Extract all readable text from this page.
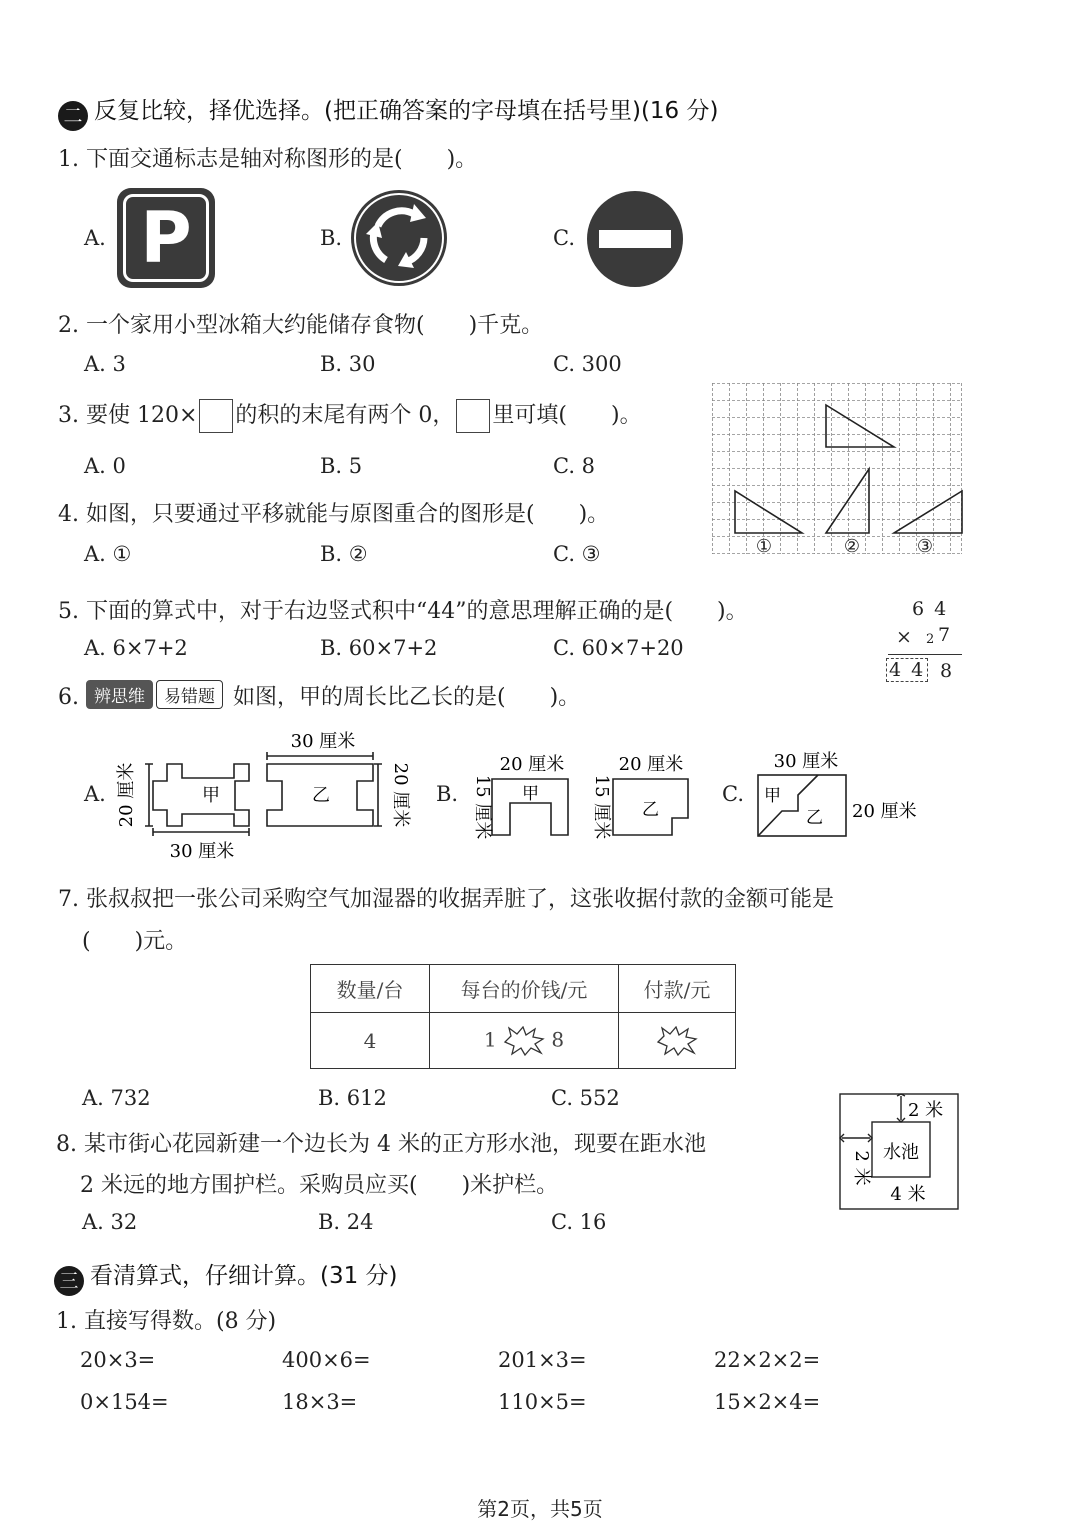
二 反复比较，择优选择。(把正确答案的字母填在括号里)(16 分)
1. 下面交通标志是轴对称图形的是(　　)。
A. P	B.	C.
2. 一个家用小型冰箱大约能储存食物(　　)千克。
A. 3	B. 30	C. 300
3. 要使 120× 的积的末尾有两个 0， 里可填(　　)。
A. 0	B. 5	C. 8
①	②	③
4. 如图，只要通过平移就能与原图重合的图形是(　　)。
A. ①	B. ②	C. ③
5. 下面的算式中，对于右边竖式积中“44”的意思理解正确的是(　　)。
A. 6×7+2	B. 60×7+2	C. 60×7+20
6 4
× 2 7
4 4 8
6. 辨思维 易错题 如图，甲的周长比乙长的是(　　)。
A.	甲	乙
20 厘米
30 厘米
30 厘米
20 厘米 B.	甲
乙
20 厘米	20 厘米
15 厘米	15 厘米	C. 甲
乙
30 厘米
20 厘米
7. 张叔叔把一张公司采购空气加湿器的收据弄脏了，这张收据付款的金额可能是
(　　)元。
数量/台	每台的价钱/元	付款/元
4	1 8	
A. 732	B. 612	C. 552
8. 某市街心花园新建一个边长为 4 米的正方形水池，现要在距水池
2 米远的地方围护栏。采购员应买(　　)米护栏。
A. 32	B. 24	C. 16
水池
2 米
2 米
4 米
三 看清算式，仔细计算。(31 分)
1. 直接写得数。(8 分)
20×3=	400×6=	201×3=	22×2×2=
0×154=	18×3=	110×5=	15×2×4=
第2页，共5页
